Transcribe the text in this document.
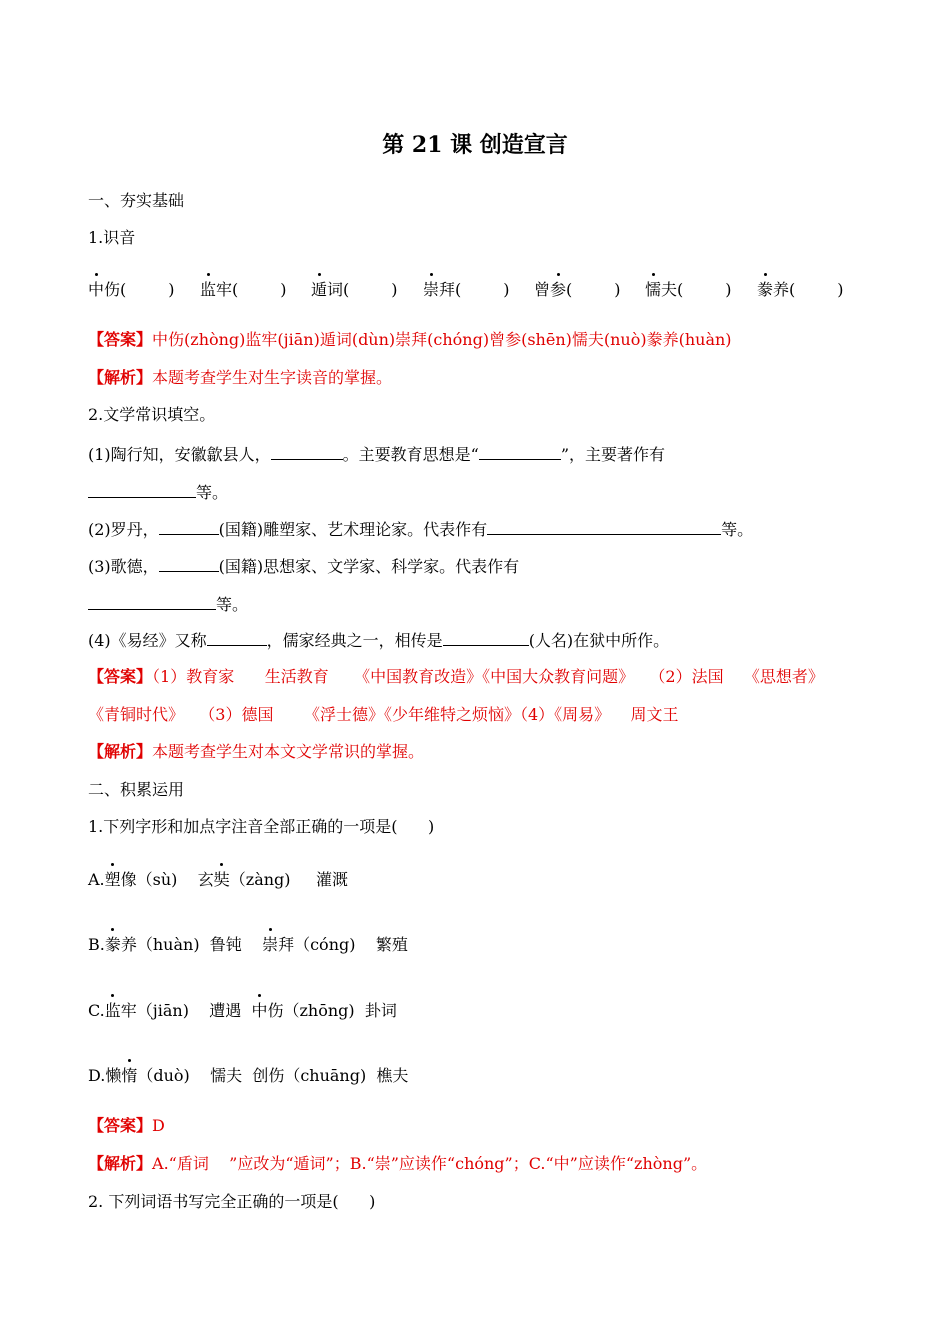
第 21 课 创造宣言
一、夯实基础
1.识音
中伤(	) 监牢(	) 遁词(	) 崇拜(	) 曾参(	) 懦夫(	) 豢养(	)
【答案】中伤(zhòng)监牢(jiān)遁词(dùn)崇拜(chóng)曾参(shēn)懦夫(nuò)豢养(huàn)
【解析】本题考查学生对生字读音的掌握。
2.文学常识填空。
(1)陶行知，安徽歙县人，	。主要教育思想是“	”，主要著作有
等。
(2)罗丹，	(国籍)雕塑家、艺术理论家。代表作有	等。
(3)歌德，	(国籍)思想家、文学家、科学家。代表作有
等。
(4)《易经》又称	，儒家经典之一，相传是	(人名)在狱中所作。
【答案】（1）教育家      生活教育     《中国教育改造》《中国大众教育问题》   （2）法国    《思想者》
《青铜时代》   （3）德国      《浮士德》《少年维特之烦恼》（4）《周易》    周文王
【解析】本题考查学生对本文文学常识的掌握。
二、积累运用
1.下列字形和加点字注音全部正确的一项是(      )
A.塑像（sù)    玄奘（zàng)     灌溉
B.豢养（huàn)  鲁钝    崇拜（cóng)    繁殖
C.监牢（jiān)    遭遇  中伤（zhōng)  卦词
D.懒惰（duò)    懦夫  创伤（chuāng)  樵夫
【答案】D
【解析】A.“盾词    ”应改为“遁词”；B.“崇”应读作“chóng”；C.“中”应读作“zhòng”。
2. 下列词语书写完全正确的一项是(      )
